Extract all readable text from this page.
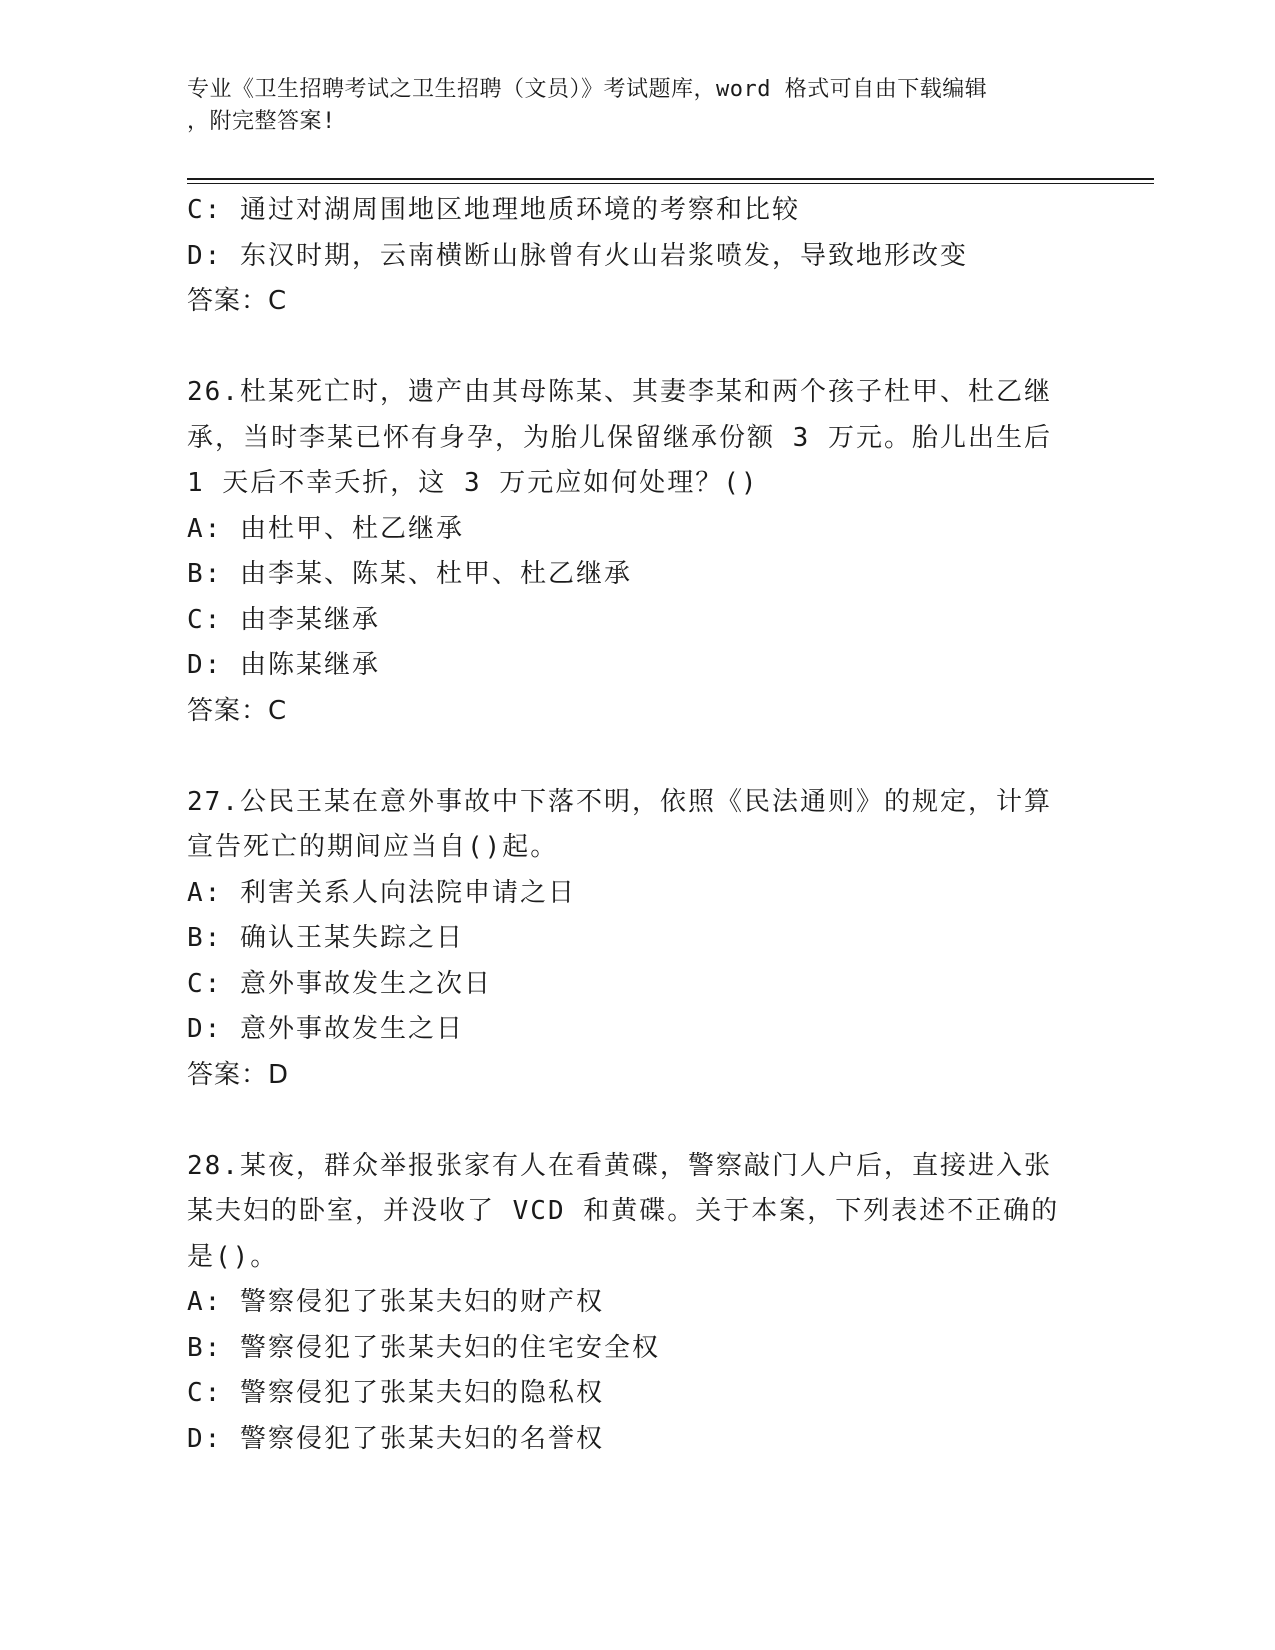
专业《卫生招聘考试之卫生招聘（文员）》考试题库，word 格式可自由下载编辑
，附完整答案!
C: 通过对湖周围地区地理地质环境的考察和比较
D: 东汉时期，云南横断山脉曾有火山岩浆喷发，导致地形改变
答案：C
26.杜某死亡时，遗产由其母陈某、其妻李某和两个孩子杜甲、杜乙继
承，当时李某已怀有身孕，为胎儿保留继承份额 3 万元。胎儿出生后
1 天后不幸夭折，这 3 万元应如何处理？()
A: 由杜甲、杜乙继承
B: 由李某、陈某、杜甲、杜乙继承
C: 由李某继承
D: 由陈某继承
答案：C
27.公民王某在意外事故中下落不明，依照《民法通则》的规定，计算
宣告死亡的期间应当自()起。
A: 利害关系人向法院申请之日
B: 确认王某失踪之日
C: 意外事故发生之次日
D: 意外事故发生之日
答案：D
28.某夜，群众举报张家有人在看黄碟，警察敲门人户后，直接进入张
某夫妇的卧室，并没收了 VCD 和黄碟。关于本案，下列表述不正确的
是()。
A: 警察侵犯了张某夫妇的财产权
B: 警察侵犯了张某夫妇的住宅安全权
C: 警察侵犯了张某夫妇的隐私权
D: 警察侵犯了张某夫妇的名誉权
